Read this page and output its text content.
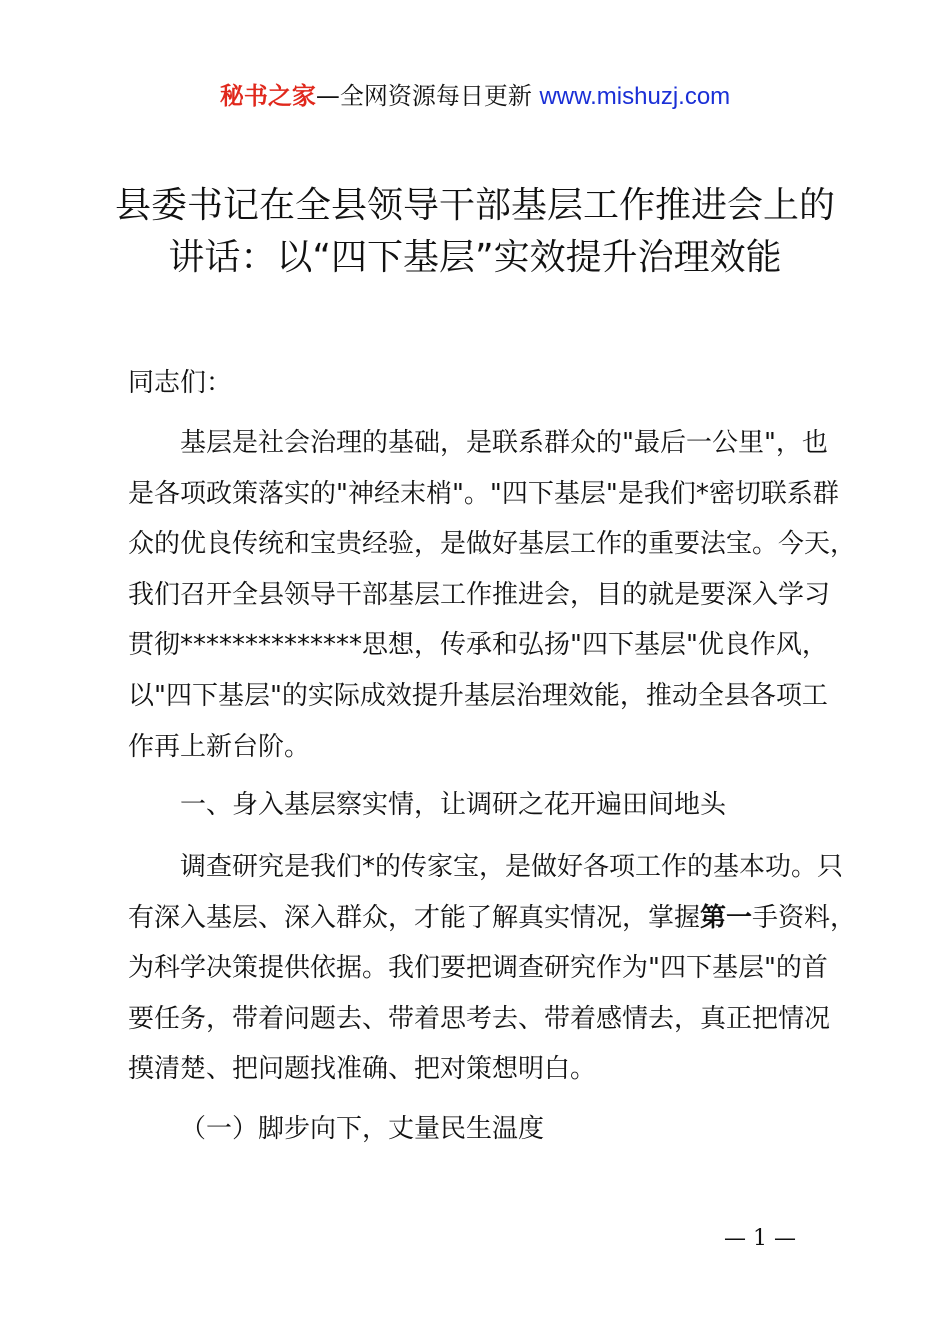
秘书之家—全网资源每日更新 www.mishuzj.com
县委书记在全县领导干部基层工作推进会上的
讲话：以“四下基层”实效提升治理效能
同志们：
基层是社会治理的基础，是联系群众的"最后一公里"，也
是各项政策落实的"神经末梢"。"四下基层"是我们*密切联系群
众的优良传统和宝贵经验，是做好基层工作的重要法宝。今天，
我们召开全县领导干部基层工作推进会，目的就是要深入学习
贯彻**************思想，传承和弘扬"四下基层"优良作风，
以"四下基层"的实际成效提升基层治理效能，推动全县各项工
作再上新台阶。
一、身入基层察实情，让调研之花开遍田间地头
调查研究是我们*的传家宝，是做好各项工作的基本功。只
有深入基层、深入群众，才能了解真实情况，掌握第一手资料，
为科学决策提供依据。我们要把调查研究作为"四下基层"的首
要任务，带着问题去、带着思考去、带着感情去，真正把情况
摸清楚、把问题找准确、把对策想明白。
（一）脚步向下，丈量民生温度
— 1 —
